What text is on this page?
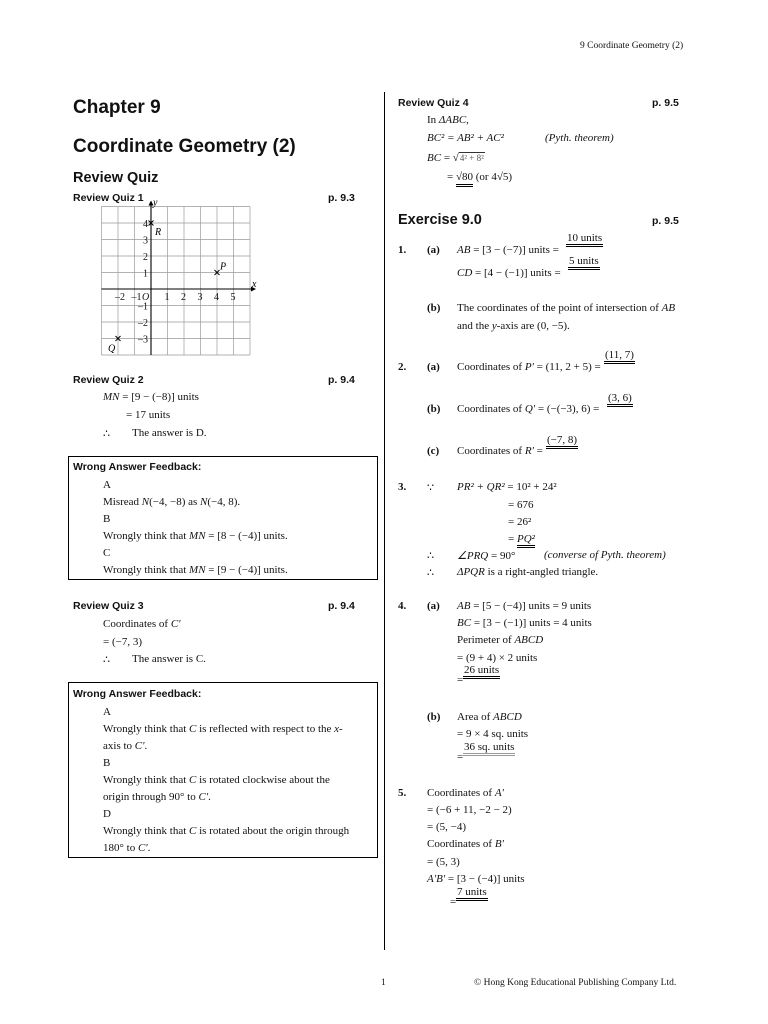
9 Coordinate Geometry (2)
Chapter 9
Coordinate Geometry (2)
Review Quiz
Review Quiz 1	p. 9.3
x
y
–2 –1 O 1 2 3 4 5
4
3
2
1
–1
–2
–3
R
P
Q
Review Quiz 2	p. 9.4
MN = [9 − (−8)] units
= 17 units
∴ The answer is D.
Wrong Answer Feedback:
A
Misread N(−4, −8) as N(−4, 8).
B
Wrongly think that MN = [8 − (−4)] units.
C
Wrongly think that MN = [9 − (−4)] units.
Review Quiz 3	p. 9.4
Coordinates of C'
= (−7, 3)
∴ The answer is C.
Wrong Answer Feedback:
A
Wrongly think that C is reflected with respect to the x-
axis to C'.
B
Wrongly think that C is rotated clockwise about the
origin through 90° to C'.
D
Wrongly think that C is rotated about the origin through
180° to C'.
Review Quiz 4	p. 9.5
In ΔABC,
BC² = AB² + AC²	(Pyth. theorem)
BC = √4² + 8²
= √80 (or 4√5)
Exercise 9.0	p. 9.5
1. (a) AB = [3 − (−7)] units =
10 units
CD = [4 − (−1)] units =
5 units
(b) The coordinates of the point of intersection of AB
and the y-axis are (0, −5).
2. (a) Coordinates of P' = (11, 2 + 5) =
(11, 7)
(b) Coordinates of Q' = (−(−3), 6) =
(3, 6)
(c) Coordinates of R' =
(−7, 8)
3. ∵ PR² + QR² = 10² + 24²
= 676
= 26²
= PQ²
∴ ∠PRQ = 90°	(converse of Pyth. theorem)
∴ ΔPQR is a right-angled triangle.
4. (a) AB = [5 − (−4)] units = 9 units
BC = [3 − (−1)] units = 4 units
Perimeter of ABCD
= (9 + 4) × 2 units
=
26 units
(b) Area of ABCD
= 9 × 4 sq. units
=
36 sq. units
5. Coordinates of A'
= (−6 + 11, −2 − 2)
= (5, −4)
Coordinates of B'
= (5, 3)
A'B' = [3 − (−4)] units
=
7 units
1	© Hong Kong Educational Publishing Company Ltd.
